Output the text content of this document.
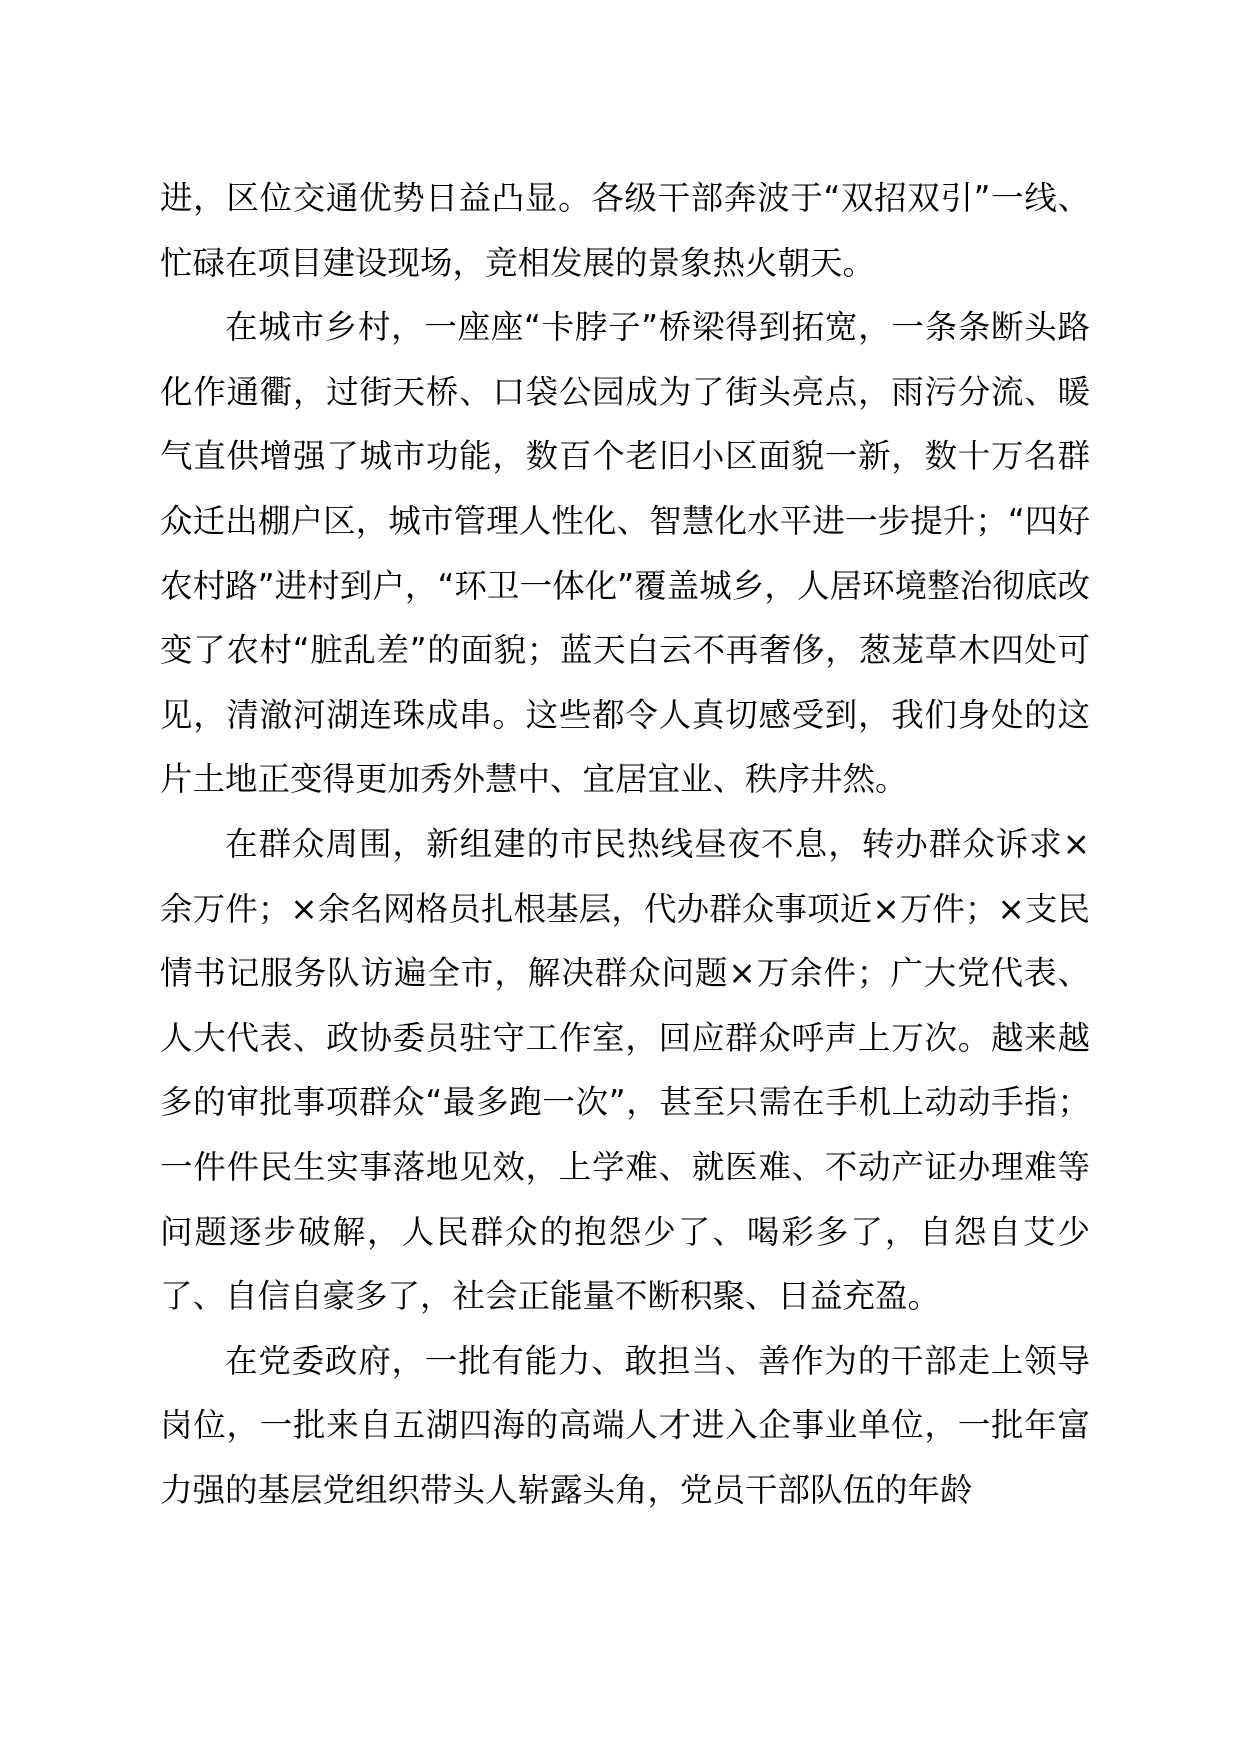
进，区位交通优势日益凸显。各级干部奔波于“双招双引”一线、忙碌在项目建设现场，竞相发展的景象热火朝天。

在城市乡村，一座座“卡脖子”桥梁得到拓宽，一条条断头路化作通衢，过街天桥、口袋公园成为了街头亮点，雨污分流、暖气直供增强了城市功能，数百个老旧小区面貌一新，数十万名群众迁出棚户区，城市管理人性化、智慧化水平进一步提升；“四好农村路”进村到户，“环卫一体化”覆盖城乡，人居环境整治彻底改变了农村“脏乱差”的面貌；蓝天白云不再奢侈，葱茏草木四处可见，清澈河湖连珠成串。这些都令人真切感受到，我们身处的这片土地正变得更加秀外慧中、宜居宜业、秩序井然。

在群众周围，新组建的市民热线昼夜不息，转办群众诉求×余万件；×余名网格员扎根基层，代办群众事项近×万件；×支民情书记服务队访遍全市，解决群众问题×万余件；广大党代表、人大代表、政协委员驻守工作室，回应群众呼声上万次。越来越多的审批事项群众“最多跑一次”，甚至只需在手机上动动手指；一件件民生实事落地见效，上学难、就医难、不动产证办理难等问题逐步破解，人民群众的抱怨少了、喝彩多了，自怨自艾少了、自信自豪多了，社会正能量不断积聚、日益充盈。

在党委政府，一批有能力、敢担当、善作为的干部走上领导岗位，一批来自五湖四海的高端人才进入企事业单位，一批年富力强的基层党组织带头人崭露头角，党员干部队伍的年龄
